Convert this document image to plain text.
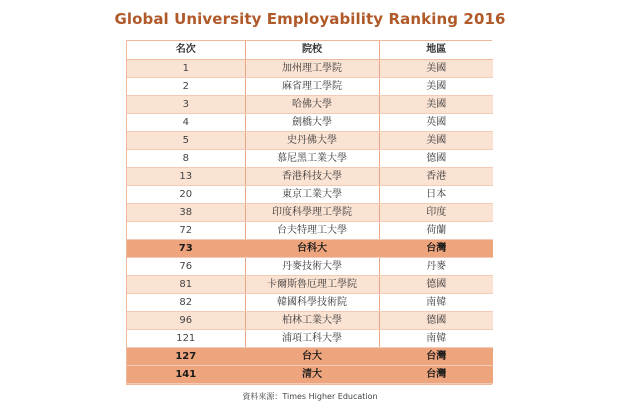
Global University Employability Ranking 2016
名次	院校	地區
1	加州理工學院	美國
2	麻省理工學院	美國
3	哈佛大學	美國
4	劍橋大學	英國
5	史丹佛大學	美國
8	慕尼黑工業大學	德國
13	香港科技大學	香港
20	東京工業大學	日本
38	印度科學理工學院	印度
72	台夫特理工大學	荷蘭
73	台科大	台灣
76	丹麥技術大學	丹麥
81	卡爾斯魯厄理工學院	德國
82	韓國科學技術院	南韓
96	柏林工業大學	德國
121	浦項工科大學	南韓
127	台大	台灣
141	清大	台灣
資料來源：Times Higher Education
